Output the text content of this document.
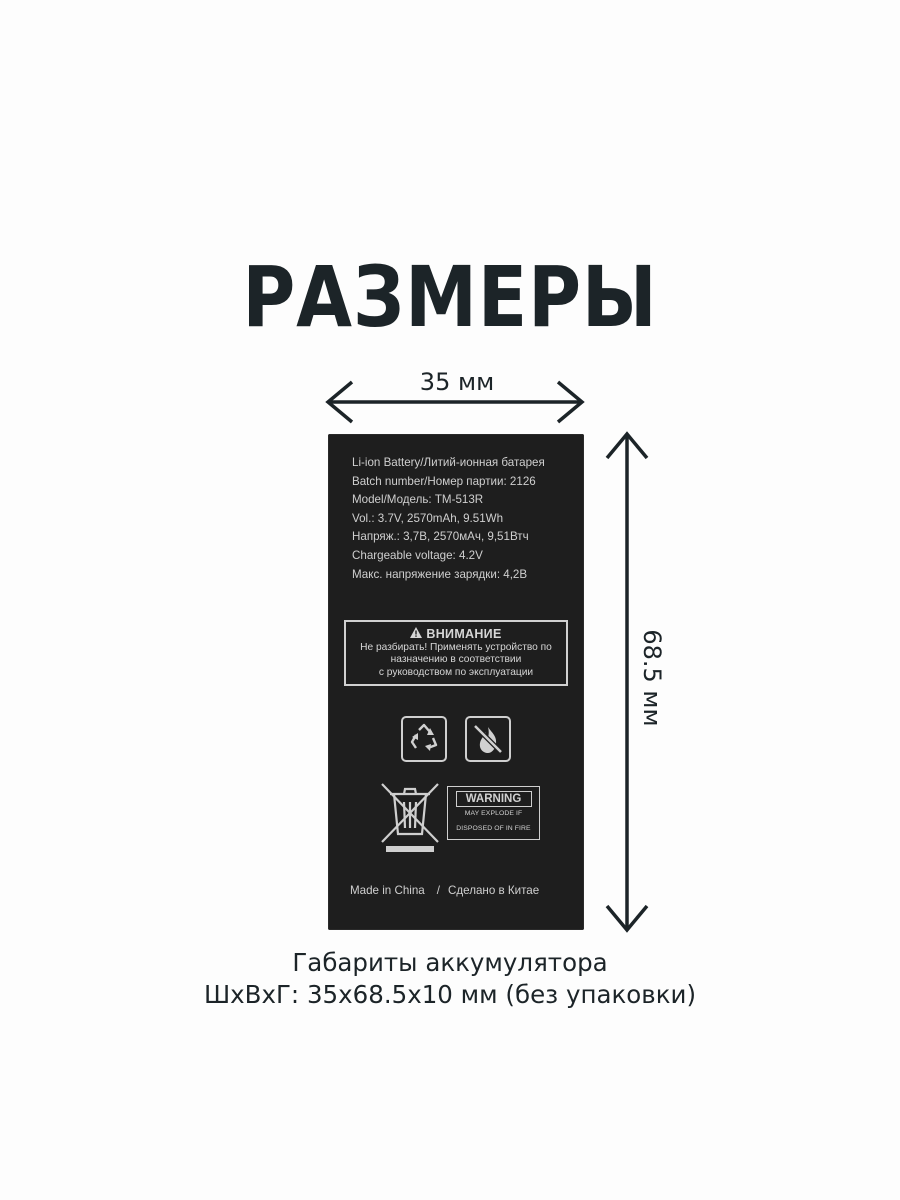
РАЗМЕРЫ
35 мм
68.5 мм
Li-ion Battery/Литий-ионная батарея
Batch number/Номер партии: 2126
Model/Модель: TM-513R
Vol.: 3.7V, 2570mAh, 9.51Wh
Напряж.: 3,7В, 2570мАч, 9,51Втч
Chargeable voltage: 4.2V
Макс. напряжение зарядки: 4,2В
ВНИМАНИЕ
Не разбирать! Применять устройство по
назначению в соответствии
с руководством по эксплуатации
WARNING
MAY EXPLODE IF
DISPOSED OF IN FIRE
Made in China / Сделано в Китае
Габариты аккумулятора
ШхВхГ: 35х68.5х10 мм (без упаковки)
